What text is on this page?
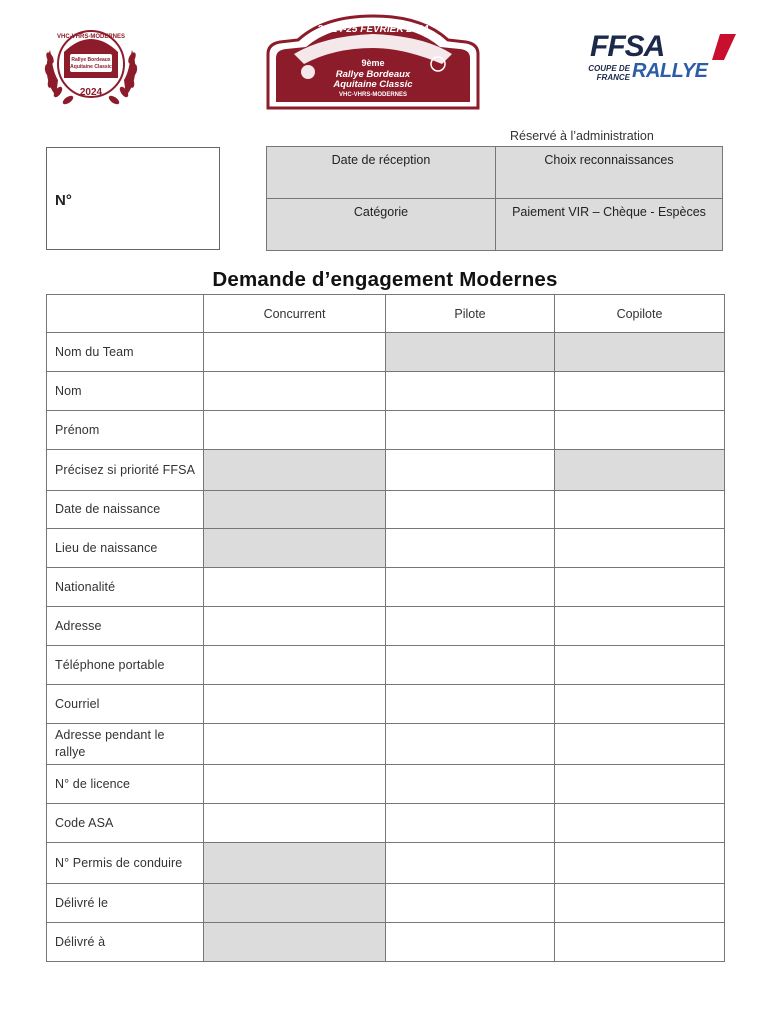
VHC-VHRS-MODERNES
Rallye Bordeaux
Aquitaine Classic
2024
23-24-25 FEVRIER 2024
9ème
Rallye Bordeaux
Aquitaine Classic
VHC-VHRS-MODERNES
FFSA
COUPE DE
FRANCE RALLYE
Réservé à l’administration
N°
Date de réception	Choix reconnaissances
Catégorie	Paiement VIR – Chèque - Espèces
Demande d’engagement Modernes
	Concurrent	Pilote	Copilote
Nom du Team			
Nom			
Prénom			
Précisez si priorité FFSA			
Date de naissance			
Lieu de naissance			
Nationalité			
Adresse			
Téléphone portable			
Courriel			
Adresse pendant le rallye			
N° de licence			
Code ASA			
N° Permis de conduire			
Délivré le			
Délivré à			
